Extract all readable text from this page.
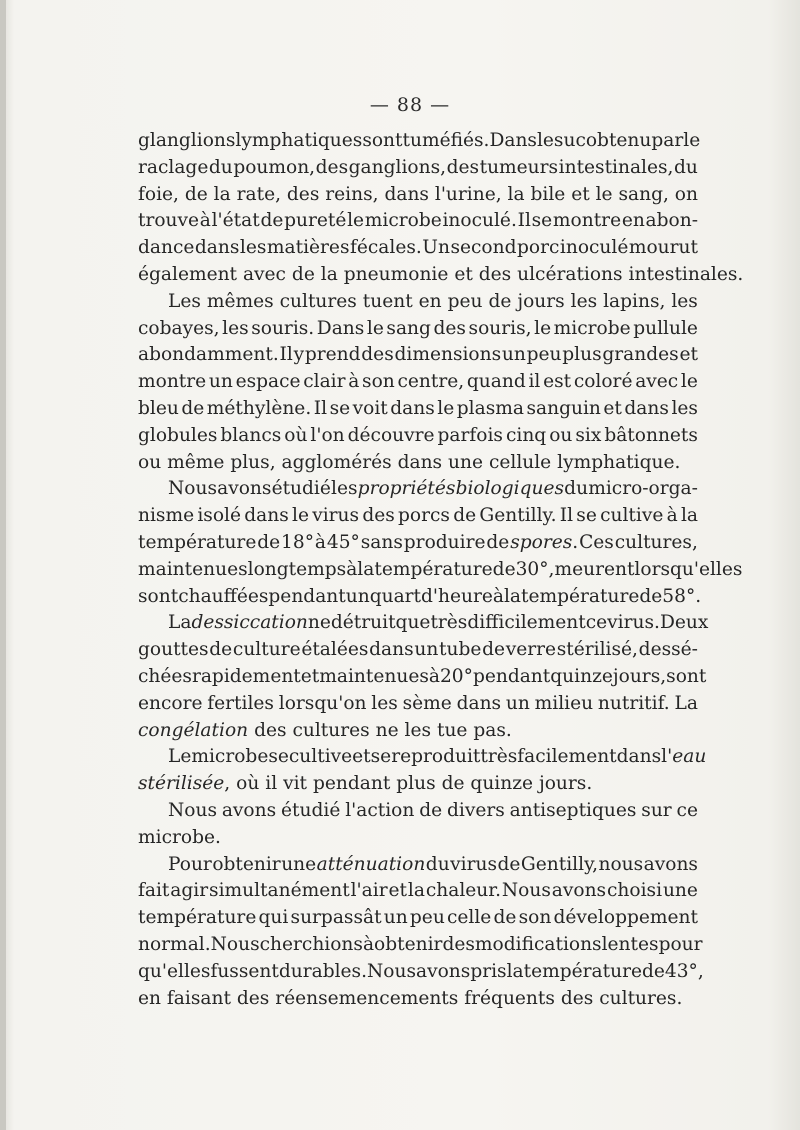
— 88 —
glanglions lymphatiques sont tuméfiés. Dans le suc obtenu par le
raclage du poumon, des ganglions, des tumeurs intestinales, du
foie, de la rate, des reins, dans l'urine, la bile et le sang, on
trouve à l'état de pureté le microbe inoculé. Il se montre en abon-
dance dans les matières fécales. Un second porc inoculé mourut
également avec de la pneumonie et des ulcérations intestinales.
Les mêmes cultures tuent en peu de jours les lapins, les
cobayes, les souris. Dans le sang des souris, le microbe pullule
abondamment. Il y prend des dimensions un peu plus grandes et
montre un espace clair à son centre, quand il est coloré avec le
bleu de méthylène. Il se voit dans le plasma sanguin et dans les
globules blancs où l'on découvre parfois cinq ou six bâtonnets
ou même plus, agglomérés dans une cellule lymphatique.
Nous avons étudié les propriétés biologiques du micro-orga-
nisme isolé dans le virus des porcs de Gentilly. Il se cultive à la
température de 18° à 45° sans produire de spores. Ces cultures,
maintenues longtemps à la température de 30°, meurent lorsqu'elles
sont chauffées pendant un quart d'heure à la température de 58°.
La dessiccation ne détruit que très difficilement ce virus. Deux
gouttes de culture étalées dans un tube de verre stérilisé, dessé-
chées rapidement et maintenues à 20° pendant quinze jours, sont
encore fertiles lorsqu'on les sème dans un milieu nutritif. La
congélation des cultures ne les tue pas.
Le microbe se cultive et se reproduit très facilement dans l'eau
stérilisée, où il vit pendant plus de quinze jours.
Nous avons étudié l'action de divers antiseptiques sur ce
microbe.
Pour obtenir une atténuation du virus de Gentilly, nous avons
fait agir simultanément l'air et la chaleur. Nous avons choisi une
température qui surpassât un peu celle de son développement
normal. Nous cherchions à obtenir des modifications lentes pour
qu'elles fussent durables. Nous avons pris la température de 43°,
en faisant des réensemencements fréquents des cultures.
